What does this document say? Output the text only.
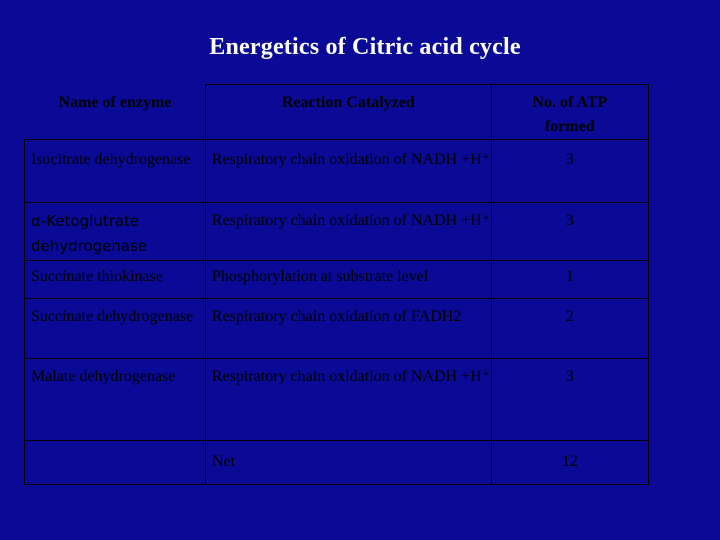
Energetics of Citric acid cycle
Name of enzyme	Reaction Catalyzed	No. of ATP formed
Isocitrate dehydrogenase	Respiratory chain oxidation of NADH +H⁺	3
α-Ketoglutrate dehydrogenase	Respiratory chain oxidation of NADH +H⁺	3
Succinate thiokinase	Phosphorylation at substrate level	1
Succinate dehydrogenase	Respiratory chain oxidation of FADH2	2
Malate dehydrogenase	Respiratory chain oxidation of NADH +H⁺	3
	Net	12
